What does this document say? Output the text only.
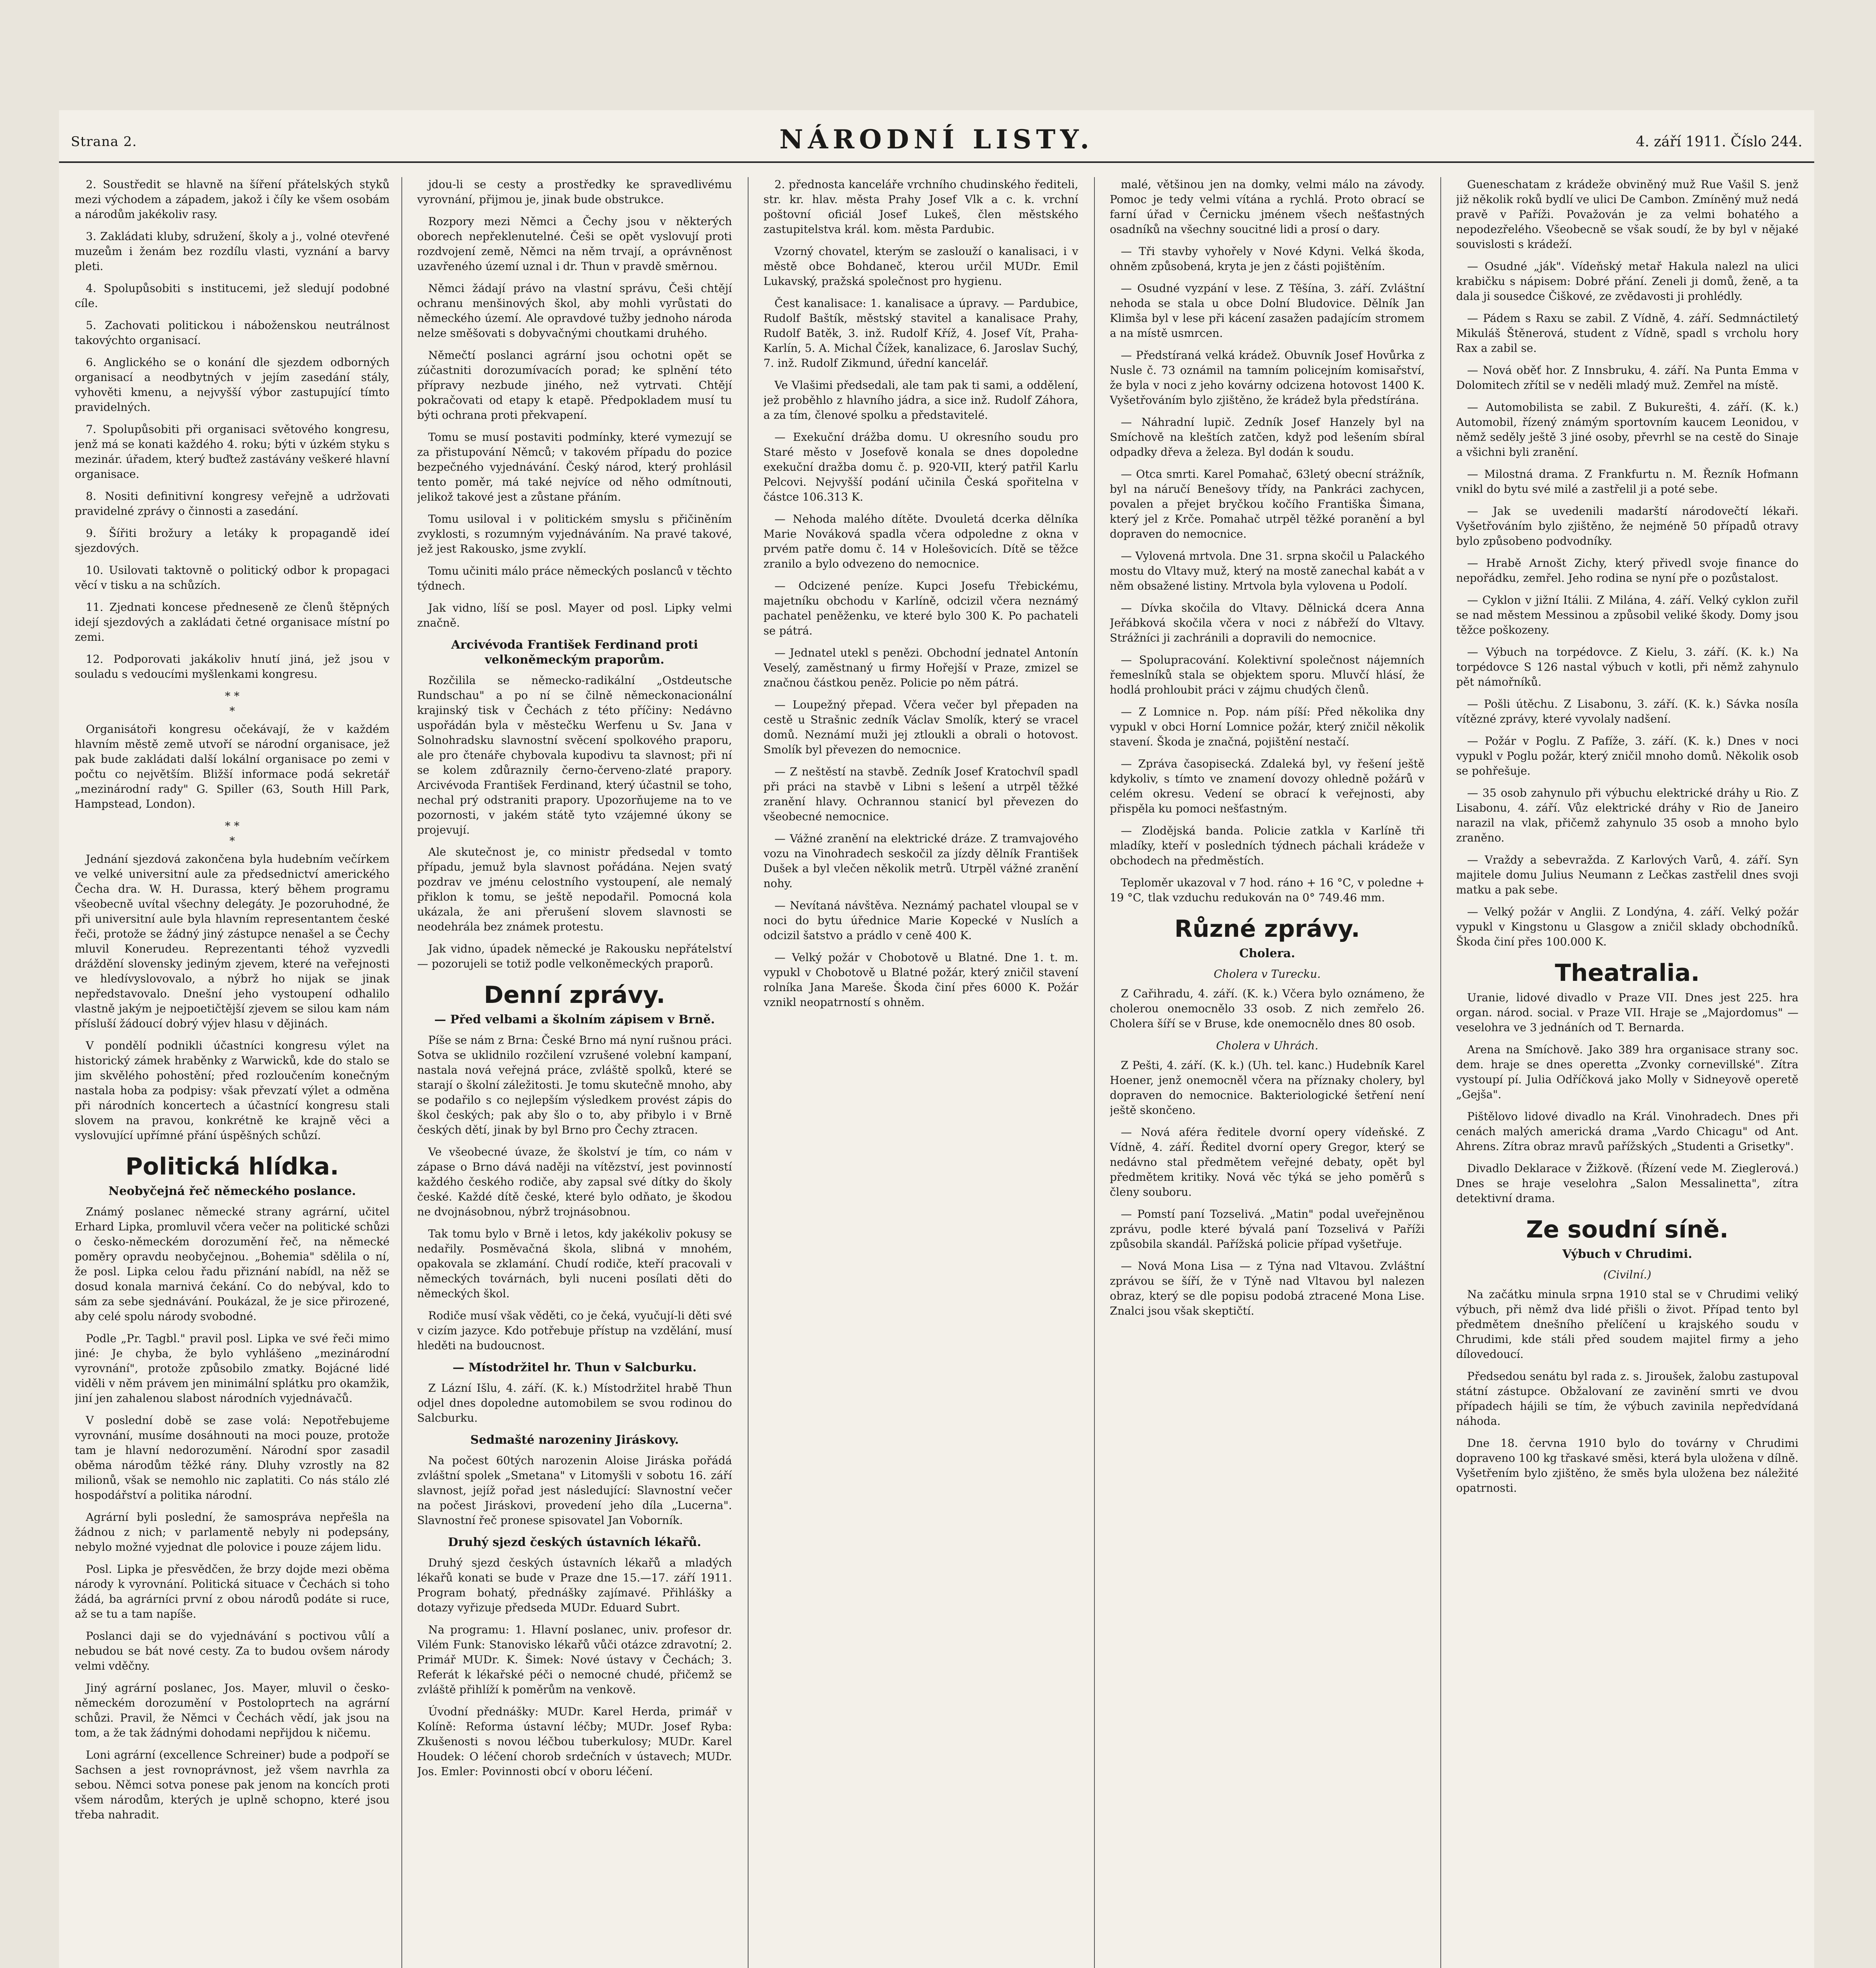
Strana 2.	NÁRODNÍ LISTY.	4. září 1911. Číslo 244.

2. Soustředit se hlavně na šíření přátelských styků mezi východem a západem, jakož i číly ke všem osobám a národům jakékoliv rasy.

3. Zakládati kluby, sdružení, školy a j., volné otevřené muzeům i ženám bez rozdílu vlasti, vyznání a barvy pleti.

4. Spolupůsobiti s institucemi, jež sledují podobné cíle.

5. Zachovati politickou i náboženskou neutrálnost takovýchto organisací.

6. Anglického se o konání dle sjezdem odborných organisací a neodbytných v jejím zasedání stály, vyhověti kmenu, a nejvyšší výbor zastupující tímto pravidelných.

7. Spolupůsobiti při organisaci světového kongresu, jenž má se konati každého 4. roku; býti v úzkém styku s mezinár. úřadem, který buďtež zastávány veškeré hlavní organisace.

8. Nositi definitivní kongresy veřejně a udržovati pravidelné zprávy o činnosti a zasedání.

9. Šířiti brožury a letáky k propagandě ideí sjezdových.

10. Usilovati taktovně o politický odbor k propagaci věcí v tisku a na schůzích.

11. Zjednati koncese předneseně ze členů štěpných idejí sjezdových a zakládati četné organisace místní po zemi.

12. Podporovati jakákoliv hnutí jiná, jež jsou v souladu s vedoucími myšlenkami kongresu.

* *
*

Organisátoři kongresu očekávají, že v každém hlavním městě země utvoří se národní organisace, jež pak bude zakládati další lokální organisace po zemi v počtu co největším. Bližší informace podá sekretář „mezinárodní rady" G. Spiller (63, South Hill Park, Hampstead, London).

* *
*

Jednání sjezdová zakončena byla hudebním večírkem ve velké universitní aule za předsednictví amerického Čecha dra. W. H. Durassa, který během programu všeobecně uvítal všechny delegáty. Je pozoruhodné, že při universitní aule byla hlavním representantem české řeči, protože se žádný jiný zástupce nenašel a se Čechy mluvil Konerudeu. Reprezentanti téhož vyzvedli dráždění slovensky jediným zjevem, které na veřejnosti ve hledívyslovovalo, a nýbrž ho nijak se jinak nepředstavovalo. Dnešní jeho vystoupení odhalilo vlastně jakým je nejpoetičtější zjevem se silou kam nám přísluší žádoucí dobrý výjev hlasu v dějinách.

V pondělí podnikli účastníci kongresu výlet na historický zámek hraběnky z Warwicků, kde do stalo se jim skvělého pohostění; před rozloučením konečným nastala hoba za podpisy: však převzatí výlet a odměna při národních koncertech a účastnící kongresu stali slovem na pravou, konkrétně ke krajně věci a vyslovující upřímné přání úspěšných schůzí.

Politická hlídka.
Neobyčejná řeč německého poslance.

Známý poslanec německé strany agrární, učitel Erhard Lipka, promluvil včera večer na politické schůzi o česko-německém dorozumění řeč, na německé poměry opravdu neobyčejnou. „Bohemia" sdělila o ní, že posl. Lipka celou řadu přiznání nabídl, na něž se dosud konala marnivá čekání. Co do nebýval, kdo to sám za sebe sjednávání. Poukázal, že je sice přirozené, aby celé spolu národy svobodné.

Podle „Pr. Tagbl." pravil posl. Lipka ve své řeči mimo jiné: Je chyba, že bylo vyhlášeno „mezinárodní vyrovnání", protože způsobilo zmatky. Bojácné lidé viděli v něm právem jen minimální splátku pro okamžik, jiní jen zahalenou slabost národních vyjednávačů.

V poslední době se zase volá: Nepotřebujeme vyrovnání, musíme dosáhnouti na moci pouze, protože tam je hlavní nedorozumění. Národní spor zasadil oběma národům těžké rány. Dluhy vzrostly na 82 milionů, však se nemohlo nic zaplatiti. Co nás stálo zlé hospodářství a politika národní.

Agrární byli poslední, že samospráva nepřešla na žádnou z nich; v parlamentě nebyly ni podepsány, nebylo možné vyjednat dle polovice i pouze zájem lidu.

Posl. Lipka je přesvědčen, že brzy dojde mezi oběma národy k vyrovnání. Politická situace v Čechách si toho žádá, ba agrárníci první z obou národů podáte si ruce, až se tu a tam napíše.

Poslanci daji se do vyjednávání s poctivou vůlí a nebudou se bát nové cesty. Za to budou ovšem národy velmi vděčny.

Jiný agrární poslanec, Jos. Mayer, mluvil o česko-německém dorozumění v Postoloprtech na agrární schůzi. Pravil, že Němci v Čechách vědí, jak jsou na tom, a že tak žádnými dohodami nepřijdou k ničemu.

Loni agrární (excellence Schreiner) bude a podpoří se Sachsen a jest rovnoprávnost, jež všem navrhla za sebou. Němci sotva ponese pak jenom na koncích proti všem národům, kterých je uplně schopno, které jsou třeba nahradit.

jdou-li se cesty a prostředky ke spravedlivému vyrovnání, přijmou je, jinak bude obstrukce.

Rozpory mezi Němci a Čechy jsou v některých oborech nepřeklenutelné. Češi se opět vyslovují proti rozdvojení země, Němci na něm trvají, a oprávněnost uzavřeného území uznal i dr. Thun v pravdě směrnou.

Němci žádají právo na vlastní správu, Češi chtějí ochranu menšinových škol, aby mohli vyrůstati do německého území. Ale opravdové tužby jednoho národa nelze směšovati s dobyvačnými choutkami druhého.

Němečtí poslanci agrární jsou ochotni opět se zúčastniti dorozumívacích porad; ke splnění této přípravy nezbude jiného, než vytrvati. Chtějí pokračovati od etapy k etapě. Předpokladem musí tu býti ochrana proti překvapení.

Tomu se musí postaviti podmínky, které vymezují se za přistupování Němců; v takovém případu do pozice bezpečného vyjednávání. Český národ, který prohlásil tento poměr, má také nejvíce od něho odmítnouti, jelikož takové jest a zůstane přáním.

Tomu usiloval i v politickém smyslu s přičiněním zvyklosti, s rozumným vyjednáváním. Na pravé takové, jež jest Rakousko, jsme zvyklí.

Tomu učiniti málo práce německých poslanců v těchto týdnech.

Jak vidno, líší se posl. Mayer od posl. Lipky velmi značně.

Arcivévoda František Ferdinand proti velkoněmeckým praporům.

Rozčilila se německo-radikální „Ostdeutsche Rundschau" a po ní se čilně německonacionální krajinský tisk v Čechách z této příčiny: Nedávno uspořádán byla v městečku Werfenu u Sv. Jana v Solnohradsku slavnostní svěcení spolkového praporu, ale pro čtenáře chybovala kupodivu ta slavnost; při ní se kolem zdůraznily černo-červeno-zlaté prapory. Arcivévoda František Ferdinand, který účastnil se toho, nechal prý odstraniti prapory. Upozorňujeme na to ve pozornosti, v jakém státě tyto vzájemné úkony se projevují.

Ale skutečnost je, co ministr předsedal v tomto případu, jemuž byla slavnost pořádána. Nejen svatý pozdrav ve jménu celostního vystoupení, ale nemalý přiklon k tomu, se ještě nepodařil. Pomocná kola ukázala, že ani přerušení slovem slavnosti se neodehrála bez známek protestu.

Jak vidno, úpadek německé je Rakousku nepřátelství — pozorujeli se totiž podle velkoněmeckých praporů.

Denní zprávy.
— Před velbami a školním zápisem v Brně.

Píše se nám z Brna: České Brno má nyní rušnou práci. Sotva se uklidnilo rozčilení vzrušené volební kampaní, nastala nová veřejná práce, zvláště spolků, které se starají o školní záležitosti. Je tomu skutečně mnoho, aby se podařilo s co nejlepším výsledkem provést zápis do škol českých; pak aby šlo o to, aby přibylo i v Brně českých dětí, jinak by byl Brno pro Čechy ztracen.

Ve všeobecné úvaze, že školství je tím, co nám v zápase o Brno dává naději na vítězství, jest povinností každého českého rodiče, aby zapsal své dítky do školy české. Každé dítě české, které bylo odňato, je škodou ne dvojnásobnou, nýbrž trojnásobnou.

Tak tomu bylo v Brně i letos, kdy jakékoliv pokusy se nedařily. Posměvačná škola, slibná v mnohém, opakovala se zklamání. Chudí rodiče, kteří pracovali v německých továrnách, byli nuceni posílati děti do německých škol.

Rodiče musí však věděti, co je čeká, vyučují-li děti své v cizím jazyce. Kdo potřebuje přístup na vzdělání, musí hleděti na budoucnost.

— Místodržitel hr. Thun v Salcburku.

Z Lázní Išlu, 4. září. (K. k.) Místodržitel hrabě Thun odjel dnes dopoledne automobilem se svou rodinou do Salcburku.

Sedmašté narozeniny Jiráskovy.

Na počest 60tých narozenin Aloise Jiráska pořádá zvláštní spolek „Smetana" v Litomyšli v sobotu 16. září slavnost, jejíž pořad jest následující: Slavnostní večer na počest Jiráskovi, provedení jeho díla „Lucerna". Slavnostní řeč pronese spisovatel Jan Voborník.

Druhý sjezd českých ústavních lékařů.

Druhý sjezd českých ústavních lékařů a mladých lékařů konati se bude v Praze dne 15.—17. září 1911. Program bohatý, přednášky zajímavé. Přihlášky a dotazy vyřizuje předseda MUDr. Eduard Subrt.

Na programu: 1. Hlavní poslanec, univ. profesor dr. Vilém Funk: Stanovisko lékařů vůči otázce zdravotní; 2. Primář MUDr. K. Šimek: Nové ústavy v Čechách; 3. Referát k lékařské péči o nemocné chudé, přičemž se zvláště přihlíží k poměrům na venkově.

Úvodní přednášky: MUDr. Karel Herda, primář v Kolíně: Reforma ústavní léčby; MUDr. Josef Ryba: Zkušenosti s novou léčbou tuberkulosy; MUDr. Karel Houdek: O léčení chorob srdečních v ústavech; MUDr. Jos. Emler: Povinnosti obcí v oboru léčení.

2. přednosta kanceláře vrchního chudinského řediteli, str. kr. hlav. města Prahy Josef Vlk a c. k. vrchní poštovní oficiál Josef Lukeš, člen městského zastupitelstva král. kom. města Pardubic.

Vzorný chovatel, kterým se zaslouží o kanalisaci, i v městě obce Bohdaneč, kterou určil MUDr. Emil Lukavský, pražská společnost pro hygienu.

Čest kanalisace: 1. kanalisace a úpravy. — Pardubice, Rudolf Baštík, městský stavitel a kanalisace Prahy, Rudolf Batěk, 3. inž. Rudolf Kříž, 4. Josef Vít, Praha-Karlín, 5. A. Michal Čížek, kanalizace, 6. Jaroslav Suchý, 7. inž. Rudolf Zikmund, úřední kancelář.

Ve Vlašimi předsedali, ale tam pak ti sami, a oddělení, jež proběhlo z hlavního jádra, a sice inž. Rudolf Záhora, a za tím, členové spolku a představitelé.

— Exekuční drážba domu. U okresního soudu pro Staré město v Josefově konala se dnes dopoledne exekuční dražba domu č. p. 920-VII, který patřil Karlu Pelcovi. Nejvyšší podání učinila Česká spořitelna v částce 106.313 K.

— Nehoda malého dítěte. Dvouletá dcerka dělníka Marie Nováková spadla včera odpoledne z okna v prvém patře domu č. 14 v Holešovicích. Dítě se těžce zranilo a bylo odvezeno do nemocnice.

— Odcizené peníze. Kupci Josefu Třebickému, majetníku obchodu v Karlíně, odcizil včera neznámý pachatel peněženku, ve které bylo 300 K. Po pachateli se pátrá.

— Jednatel utekl s penězi. Obchodní jednatel Antonín Veselý, zaměstnaný u firmy Hořejší v Praze, zmizel se značnou částkou peněz. Policie po něm pátrá.

— Loupežný přepad. Včera večer byl přepaden na cestě u Strašnic zedník Václav Smolík, který se vracel domů. Neznámí muži jej ztloukli a obrali o hotovost. Smolík byl převezen do nemocnice.

— Z neštěstí na stavbě. Zedník Josef Kratochvíl spadl při práci na stavbě v Libni s lešení a utrpěl těžké zranění hlavy. Ochrannou stanicí byl převezen do všeobecné nemocnice.

— Vážné zranění na elektrické dráze. Z tramvajového vozu na Vinohradech seskočil za jízdy dělník František Dušek a byl vlečen několik metrů. Utrpěl vážné zranění nohy.

— Nevítaná návštěva. Neznámý pachatel vloupal se v noci do bytu úřednice Marie Kopecké v Nuslích a odcizil šatstvo a prádlo v ceně 400 K.

— Velký požár v Chobotově u Blatné. Dne 1. t. m. vypukl v Chobotově u Blatné požár, který zničil stavení rolníka Jana Mareše. Škoda činí přes 6000 K. Požár vznikl neopatrností s ohněm.

malé, většinou jen na domky, velmi málo na závody. Pomoc je tedy velmi vítána a rychlá. Proto obrací se farní úřad v Černicku jménem všech nešťastných osadníků na všechny soucitné lidi a prosí o dary.

— Tři stavby vyhořely v Nové Kdyni. Velká škoda, ohněm způsobená, kryta je jen z části pojištěním.

— Osudné vyzpání v lese. Z Těšína, 3. září. Zvláštní nehoda se stala u obce Dolní Bludovice. Dělník Jan Klimša byl v lese při kácení zasažen padajícím stromem a na místě usmrcen.

— Předstíraná velká krádež. Obuvník Josef Hovůrka z Nusle č. 73 oznámil na tamním policejním komisařství, že byla v noci z jeho kovárny odcizena hotovost 1400 K. Vyšetřováním bylo zjištěno, že krádež byla předstírána.

— Náhradní lupič. Zedník Josef Hanzely byl na Smíchově na kleštích zatčen, když pod lešením sbíral odpadky dřeva a železa. Byl dodán k soudu.

— Otca smrti. Karel Pomahač, 63letý obecní strážník, byl na náručí Benešovy třídy, na Pankráci zachycen, povalen a přejet bryčkou kočího Františka Šimana, který jel z Krče. Pomahač utrpěl těžké poranění a byl dopraven do nemocnice.

— Vylovená mrtvola. Dne 31. srpna skočil u Palackého mostu do Vltavy muž, který na mostě zanechal kabát a v něm obsažené listiny. Mrtvola byla vylovena u Podolí.

— Dívka skočila do Vltavy. Dělnická dcera Anna Jeřábková skočila včera v noci z nábřeží do Vltavy. Strážníci ji zachránili a dopravili do nemocnice.

— Spolupracování. Kolektivní společnost nájemních řemeslníků stala se objektem sporu. Mluvčí hlásí, že hodlá prohloubit práci v zájmu chudých členů.

— Z Lomnice n. Pop. nám píší: Před několika dny vypukl v obci Horní Lomnice požár, který zničil několik stavení. Škoda je značná, pojištění nestačí.

— Zpráva časopisecká. Zdaleká byl, vy řešení ještě kdykoliv, s tímto ve znamení dovozy ohledně požárů v celém okresu. Vedení se obrací k veřejnosti, aby přispěla ku pomoci nešťastným.

— Zlodějská banda. Policie zatkla v Karlíně tři mladíky, kteří v posledních týdnech páchali krádeže v obchodech na předměstích.

Teploměr ukazoval v 7 hod. ráno + 16 °C, v poledne + 19 °C, tlak vzduchu redukován na 0° 749.46 mm.

Různé zprávy.
Cholera.
Cholera v Turecku.

Z Cařihradu, 4. září. (K. k.) Včera bylo oznámeno, že cholerou onemocnělo 33 osob. Z nich zemřelo 26. Cholera šíří se v Bruse, kde onemocnělo dnes 80 osob.

Cholera v Uhrách.

Z Pešti, 4. září. (K. k.) (Uh. tel. kanc.) Hudebník Karel Hoener, jenž onemocněl včera na příznaky cholery, byl dopraven do nemocnice. Bakteriologické šetření není ještě skončeno.

— Nová aféra ředitele dvorní opery vídeňské. Z Vídně, 4. září. Ředitel dvorní opery Gregor, který se nedávno stal předmětem veřejné debaty, opět byl předmětem kritiky. Nová věc týká se jeho poměrů s členy souboru.

— Pomstí paní Tozselivá. „Matin" podal uveřejněnou zprávu, podle které bývalá paní Tozselivá v Paříži způsobila skandál. Pařížská policie případ vyšetřuje.

— Nová Mona Lisa — z Týna nad Vltavou. Zvláštní zprávou se šíří, že v Týně nad Vltavou byl nalezen obraz, který se dle popisu podobá ztracené Mona Lise. Znalci jsou však skeptičtí.

Gueneschatam z krádeže obviněný muž Rue Vašil S. jenž již několik roků bydlí ve ulici De Cambon. Zmíněný muž nedá pravě v Paříži. Považován je za velmi bohatého a nepodezřelého. Všeobecně se však soudí, že by byl v nějaké souvislosti s krádeží.

— Osudné „ják". Vídeňský metař Hakula nalezl na ulici krabičku s nápisem: Dobré přání. Zeneli ji domů, ženě, a ta dala ji sousedce Čiškové, ze zvědavosti ji prohlédly.

— Pádem s Raxu se zabil. Z Vídně, 4. září. Sedmnáctiletý Mikuláš Štěnerová, student z Vídně, spadl s vrcholu hory Rax a zabil se.

— Nová oběť hor. Z Innsbruku, 4. září. Na Punta Emma v Dolomitech zřítil se v neděli mladý muž. Zemřel na místě.

— Automobilista se zabil. Z Bukurešti, 4. září. (K. k.) Automobil, řízený známým sportovním kaucem Leonidou, v němž seděly ještě 3 jiné osoby, převrhl se na cestě do Sinaje a všichni byli zranění.

— Milostná drama. Z Frankfurtu n. M. Řezník Hofmann vnikl do bytu své milé a zastřelil ji a poté sebe.

— Jak se uvedenili madarští národovečtí lékaři. Vyšetřováním bylo zjištěno, že nejméně 50 případů otravy bylo způsobeno podvodníky.

— Hrabě Arnošt Zichy, který přivedl svoje finance do nepořádku, zemřel. Jeho rodina se nyní pře o pozůstalost.

— Cyklon v jižní Itálii. Z Milána, 4. září. Velký cyklon zuřil se nad městem Messinou a způsobil veliké škody. Domy jsou těžce poškozeny.

— Výbuch na torpédovce. Z Kielu, 3. září. (K. k.) Na torpédovce S 126 nastal výbuch v kotli, při němž zahynulo pět námořníků.

— Pošli útěchu. Z Lisabonu, 3. září. (K. k.) Sávka nosíla vítězné zprávy, které vyvolaly nadšení.

— Požár v Poglu. Z Pafíže, 3. září. (K. k.) Dnes v noci vypukl v Poglu požár, který zničil mnoho domů. Několik osob se pohřešuje.

— 35 osob zahynulo při výbuchu elektrické dráhy u Rio. Z Lisabonu, 4. září. Vůz elektrické dráhy v Rio de Janeiro narazil na vlak, přičemž zahynulo 35 osob a mnoho bylo zraněno.

— Vraždy a sebevražda. Z Karlových Varů, 4. září. Syn majitele domu Julius Neumann z Lečkas zastřelil dnes svoji matku a pak sebe.

— Velký požár v Anglii. Z Londýna, 4. září. Velký požár vypukl v Kingstonu u Glasgow a zničil sklady obchodníků. Škoda činí přes 100.000 K.

Theatralia.

Uranie, lidové divadlo v Praze VII. Dnes jest 225. hra organ. národ. social. v Praze VII. Hraje se „Majordomus" — veselohra ve 3 jednáních od T. Bernarda.

Arena na Smíchově. Jako 389 hra organisace strany soc. dem. hraje se dnes operetta „Zvonky cornevillské". Zítra vystoupí pí. Julia Odříčková jako Molly v Sidneyově operetě „Gejša".

Pištělovo lidové divadlo na Král. Vinohradech. Dnes při cenách malých americká drama „Vardo Chicagu" od Ant. Ahrens. Zítra obraz mravů pařížských „Studenti a Grisetky".

Divadlo Deklarace v Žižkově. (Řízení vede M. Zieglerová.) Dnes se hraje veselohra „Salon Messalinetta", zítra detektivní drama.

Ze soudní síně.
Výbuch v Chrudimi.
(Civilní.)

Na začátku minula srpna 1910 stal se v Chrudimi veliký výbuch, při němž dva lidé přišli o život. Případ tento byl předmětem dnešního přelíčení u krajského soudu v Chrudimi, kde stáli před soudem majitel firmy a jeho dílovedoucí.

Předsedou senátu byl rada z. s. Jiroušek, žalobu zastupoval státní zástupce. Obžalovaní ze zavinění smrti ve dvou případech hájili se tím, že výbuch zavinila nepředvídaná náhoda.

Dne 18. června 1910 bylo do továrny v Chrudimi dopraveno 100 kg třaskavé směsi, která byla uložena v dílně. Vyšetřením bylo zjištěno, že směs byla uložena bez náležité opatrnosti.
